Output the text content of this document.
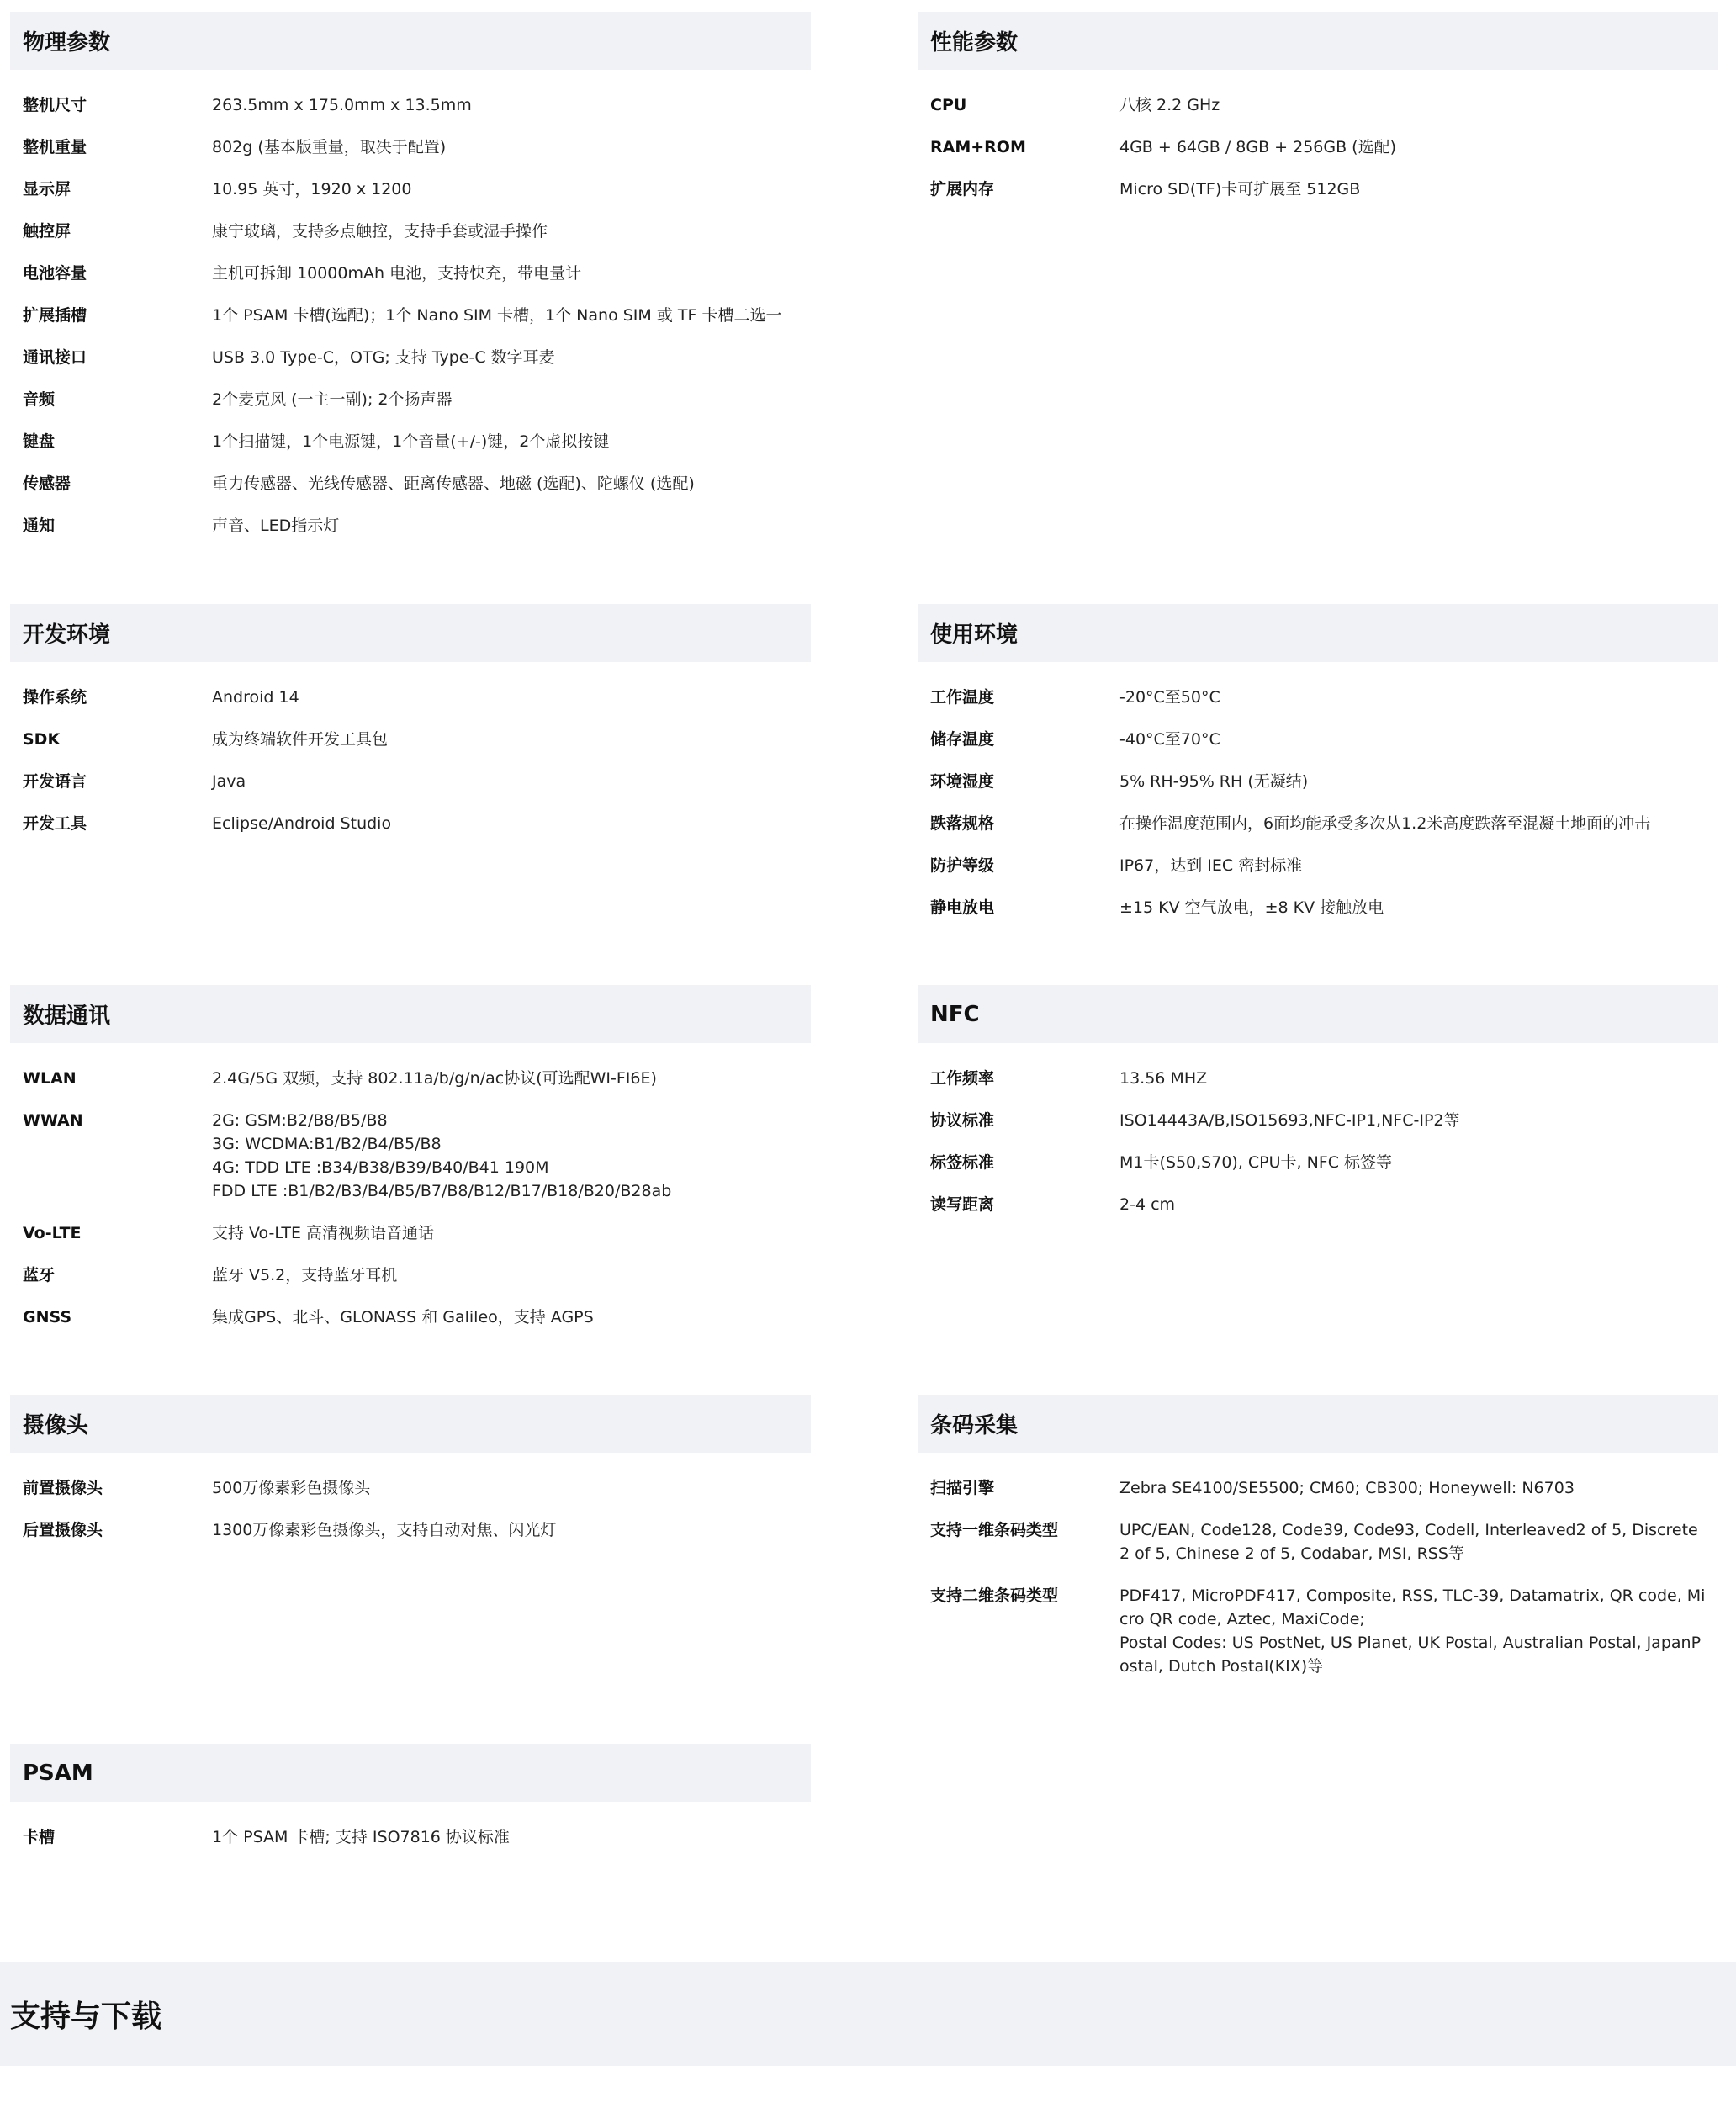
物理参数
整机尺寸	263.5mm x 175.0mm x 13.5mm
整机重量	802g (基本版重量，取决于配置)
显示屏	10.95 英寸，1920 x 1200
触控屏	康宁玻璃，支持多点触控，支持手套或湿手操作
电池容量	主机可拆卸 10000mAh 电池，支持快充，带电量计
扩展插槽	1个 PSAM 卡槽(选配)；1个 Nano SIM 卡槽，1个 Nano SIM 或 TF 卡槽二选一
通讯接口	USB 3.0 Type-C，OTG; 支持 Type-C 数字耳麦
音频	2个麦克风 (一主一副); 2个扬声器
键盘	1个扫描键，1个电源键，1个音量(+/-)键，2个虚拟按键
传感器	重力传感器、光线传感器、距离传感器、地磁 (选配)、陀螺仪 (选配)
通知	声音、LED指示灯
性能参数
CPU	八核 2.2 GHz
RAM+ROM	4GB + 64GB / 8GB + 256GB (选配)
扩展内存	Micro SD(TF)卡可扩展至 512GB
开发环境
操作系统	Android 14
SDK	成为终端软件开发工具包
开发语言	Java
开发工具	Eclipse/Android Studio
使用环境
工作温度	-20°C至50°C
储存温度	-40°C至70°C
环境湿度	5% RH-95% RH (无凝结)
跌落规格	在操作温度范围内，6面均能承受多次从1.2米高度跌落至混凝土地面的冲击
防护等级	IP67，达到 IEC 密封标准
静电放电	±15 KV 空气放电，±8 KV 接触放电
数据通讯
WLAN	2.4G/5G 双频，支持 802.11a/b/g/n/ac协议(可选配WI-FI6E)
WWAN	2G: GSM:B2/B8/B5/B8
3G: WCDMA:B1/B2/B4/B5/B8
4G: TDD LTE :B34/B38/B39/B40/B41 190M
FDD LTE :B1/B2/B3/B4/B5/B7/B8/B12/B17/B18/B20/B28ab
Vo-LTE	支持 Vo-LTE 高清视频语音通话
蓝牙	蓝牙 V5.2，支持蓝牙耳机
GNSS	集成GPS、北斗、GLONASS 和 Galileo，支持 AGPS
NFC
工作频率	13.56 MHZ
协议标准	ISO14443A/B,ISO15693,NFC-IP1,NFC-IP2等
标签标准	M1卡(S50,S70), CPU卡, NFC 标签等
读写距离	2-4 cm
摄像头
前置摄像头	500万像素彩色摄像头
后置摄像头	1300万像素彩色摄像头，支持自动对焦、闪光灯
条码采集
扫描引擎	Zebra SE4100/SE5500; CM60; CB300; Honeywell: N6703
支持一维条码类型	UPC/EAN, Code128, Code39, Code93, Codell, Interleaved2 of 5, Discrete 2 of 5, Chinese 2 of 5, Codabar, MSI, RSS等
支持二维条码类型	PDF417, MicroPDF417, Composite, RSS, TLC-39, Datamatrix, QR code, Micro QR code, Aztec, MaxiCode;
Postal Codes: US PostNet, US Planet, UK Postal, Australian Postal, JapanPostal, Dutch Postal(KIX)等
PSAM
卡槽	1个 PSAM 卡槽; 支持 ISO7816 协议标准
支持与下载
